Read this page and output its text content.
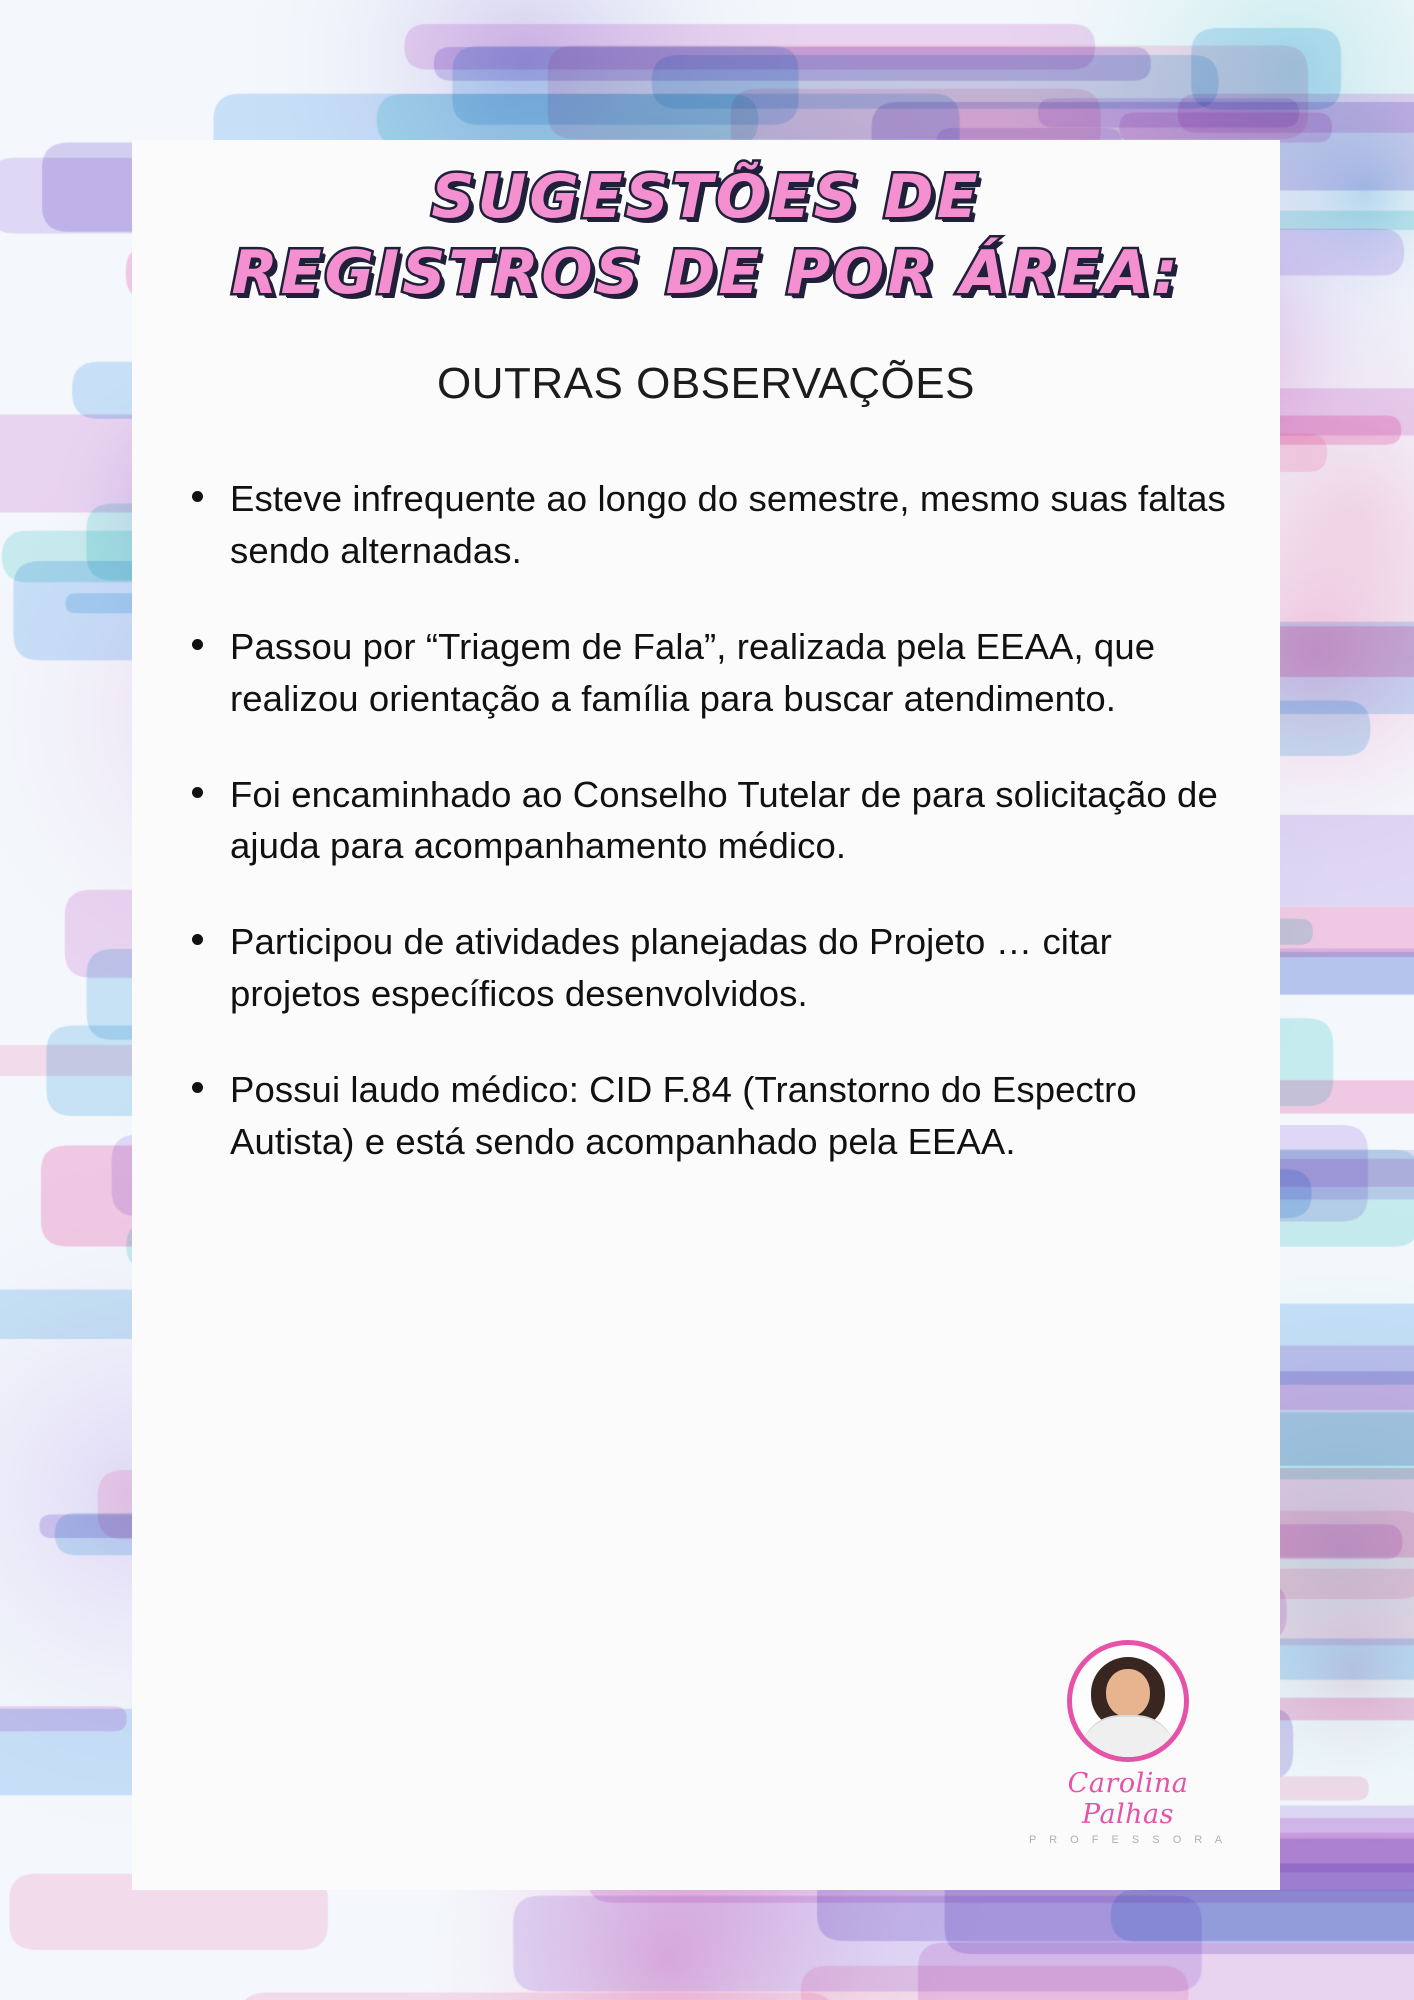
SUGESTÕES DE
REGISTROS DE POR ÁREA:
OUTRAS OBSERVAÇÕES
Esteve infrequente ao longo do semestre, mesmo suas faltas sendo alternadas.
Passou por “Triagem de Fala”, realizada pela EEAA, que realizou orientação a família para buscar atendimento.
Foi encaminhado ao Conselho Tutelar de para solicitação de ajuda para acompanhamento médico.
Participou de atividades planejadas do Projeto … citar projetos específicos desenvolvidos.
Possui laudo médico: CID F.84 (Transtorno do Espectro Autista) e está sendo acompanhado pela EEAA.
Carolina Palhas
P R O F E S S O R A
